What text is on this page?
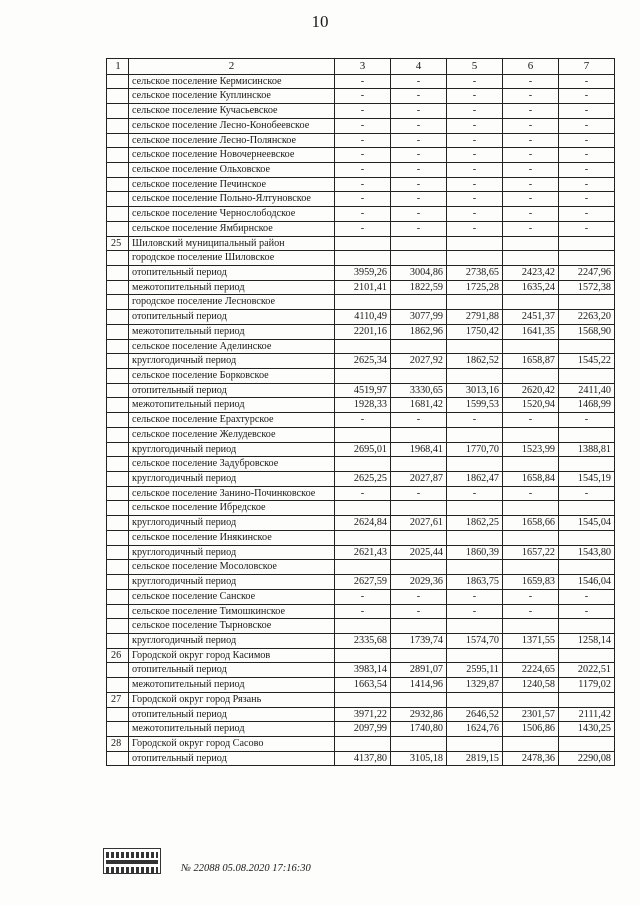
10
1	2	3	4	5	6	7
	сельское поселение Кермисинское	-	-	-	-	-
	сельское поселение Куплинское	-	-	-	-	-
	сельское поселение Кучасьевское	-	-	-	-	-
	сельское поселение Лесно-Конобеевское	-	-	-	-	-
	сельское поселение Лесно-Полянское	-	-	-	-	-
	сельское поселение Новочернеевское	-	-	-	-	-
	сельское поселение Ольховское	-	-	-	-	-
	сельское поселение Печинское	-	-	-	-	-
	сельское поселение Польно-Ялтуновское	-	-	-	-	-
	сельское поселение Чернослободское	-	-	-	-	-
	сельское поселение Ямбирнское	-	-	-	-	-
25	Шиловский муниципальный район					
	городское поселение Шиловское					
	отопительный период	3959,26	3004,86	2738,65	2423,42	2247,96
	межотопительный период	2101,41	1822,59	1725,28	1635,24	1572,38
	городское поселение Лесновское					
	отопительный период	4110,49	3077,99	2791,88	2451,37	2263,20
	межотопительный период	2201,16	1862,96	1750,42	1641,35	1568,90
	сельское поселение Аделинское					
	круглогодичный период	2625,34	2027,92	1862,52	1658,87	1545,22
	сельское поселение Борковское					
	отопительный период	4519,97	3330,65	3013,16	2620,42	2411,40
	межотопительный период	1928,33	1681,42	1599,53	1520,94	1468,99
	сельское поселение Ерахтурское	-	-	-	-	-
	сельское поселение Желудевское					
	круглогодичный период	2695,01	1968,41	1770,70	1523,99	1388,81
	сельское поселение Задубровское					
	круглогодичный период	2625,25	2027,87	1862,47	1658,84	1545,19
	сельское поселение Занино-Починковское	-	-	-	-	-
	сельское поселение Ибредское					
	круглогодичный период	2624,84	2027,61	1862,25	1658,66	1545,04
	сельское поселение Инякинское					
	круглогодичный период	2621,43	2025,44	1860,39	1657,22	1543,80
	сельское поселение Мосоловское					
	круглогодичный период	2627,59	2029,36	1863,75	1659,83	1546,04
	сельское поселение Санское	-	-	-	-	-
	сельское поселение Тимошкинское	-	-	-	-	-
	сельское поселение Тырновское					
	круглогодичный период	2335,68	1739,74	1574,70	1371,55	1258,14
26	Городской округ город Касимов					
	отопительный период	3983,14	2891,07	2595,11	2224,65	2022,51
	межотопительный период	1663,54	1414,96	1329,87	1240,58	1179,02
27	Городской округ город Рязань					
	отопительный период	3971,22	2932,86	2646,52	2301,57	2111,42
	межотопительный период	2097,99	1740,80	1624,76	1506,86	1430,25
28	Городской округ город Сасово					
	отопительный период	4137,80	3105,18	2819,15	2478,36	2290,08
№ 22088 05.08.2020 17:16:30
